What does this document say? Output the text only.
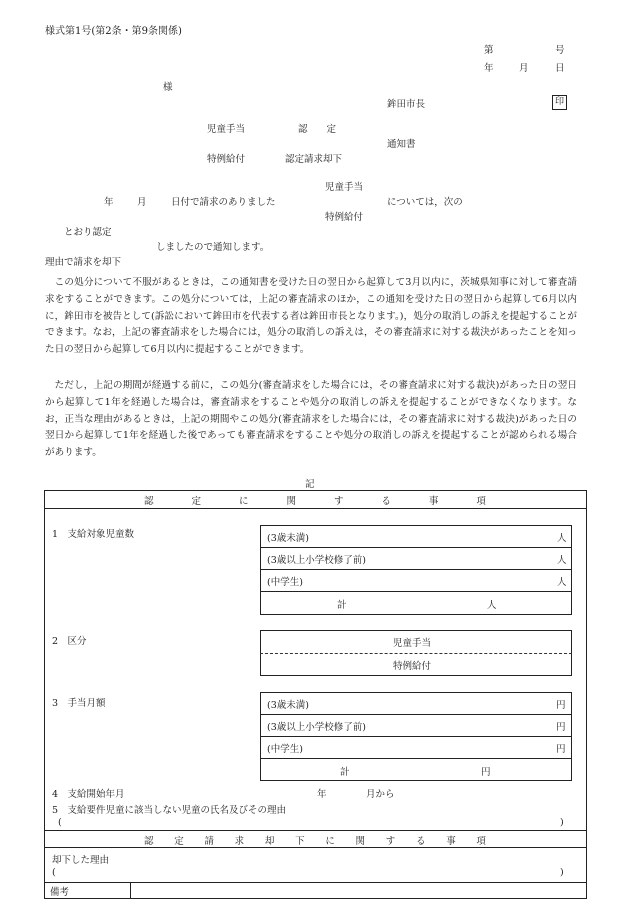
様式第1号(第2条・第9条関係)
第	号
年	月	日
様
鉾田市長	印
児童手当	認　　定
通知書
特例給付	認定請求却下
児童手当
年 月	日付で請求のありました	については，次の
特例給付
とおり認定
しましたので通知します。
理由で請求を却下
この処分について不服があるときは，この通知書を受けた日の翌日から起算して3月以内に，茨城県知事に対して審査請求をすることができます。この処分については，上記の審査請求のほか，この通知を受けた日の翌日から起算して6月以内に，鉾田市を被告として(訴訟において鉾田市を代表する者は鉾田市長となります。)，処分の取消しの訴えを提起することができます。なお，上記の審査請求をした場合には，処分の取消しの訴えは，その審査請求に対する裁決があったことを知った日の翌日から起算して6月以内に提起することができます。
ただし，上記の期間が経過する前に，この処分(審査請求をした場合には，その審査請求に対する裁決)があった日の翌日から起算して1年を経過した場合は，審査請求をすることや処分の取消しの訴えを提起することができなくなります。なお，正当な理由があるときは，上記の期間やこの処分(審査請求をした場合には，その審査請求に対する裁決)があった日の翌日から起算して1年を経過した後であっても審査請求をすることや処分の取消しの訴えを提起することが認められる場合があります。
記
認	定	に	関	す	る	事	項
1　支給対象児童数	(3歳未満)	人
(3歳以上小学校修了前)	人
(中学生)	人
計	人
2　区分	児童手当
特例給付
3　手当月額	(3歳未満)	円
(3歳以上小学校修了前)	円
(中学生)	円
計	円
4　支給開始年月	年	月から
5　支給要件児童に該当しない児童の氏名及びその理由
(	)
認 定 請 求 却 下 に 関 す る 事 項
却下した理由
(	)
備考
